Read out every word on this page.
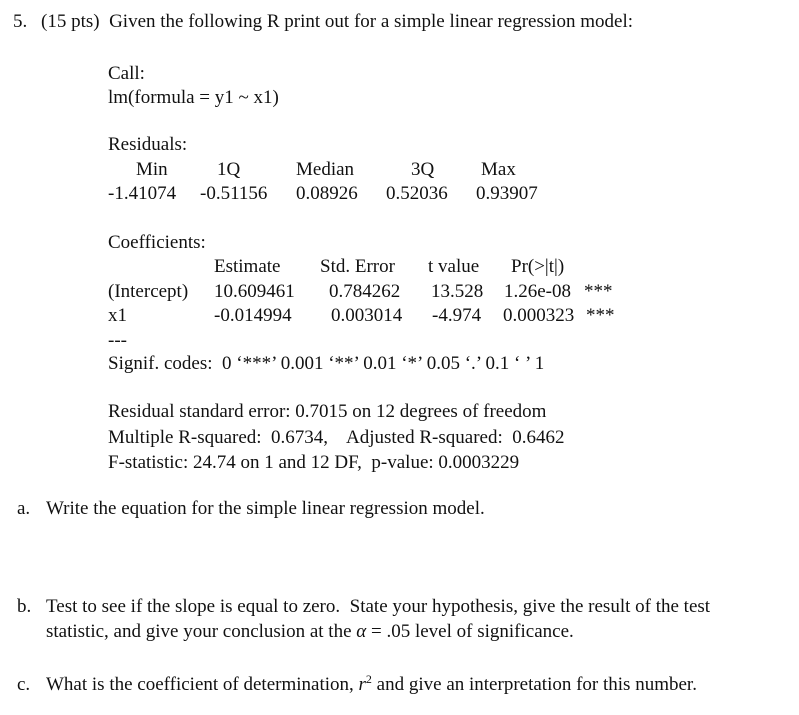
5. (15 pts)  Given the following R print out for a simple linear regression model:
Call:
lm(formula = y1 ~ x1)
Residuals:
Min	1Q	Median	3Q Max
-1.41074 -0.51156 0.08926 0.52036 0.93907
Coefficients:
Estimate Std. Error t value Pr(>|t|)
(Intercept) 10.609461 0.784262 13.528 1.26e-08 ***
x1	-0.014994 0.003014 -4.974 0.000323 ***
---
Signif. codes:  0 ‘***’ 0.001 ‘**’ 0.01 ‘*’ 0.05 ‘.’ 0.1 ‘ ’ 1
Residual standard error: 0.7015 on 12 degrees of freedom
Multiple R-squared:  0.6734,    Adjusted R-squared:  0.6462
F-statistic: 24.74 on 1 and 12 DF,  p-value: 0.0003229
a. Write the equation for the simple linear regression model.
b. Test to see if the slope is equal to zero.  State your hypothesis, give the result of the test
statistic, and give your conclusion at the α = .05 level of significance.
c. What is the coefficient of determination, $r^2$ and give an interpretation for this number.
